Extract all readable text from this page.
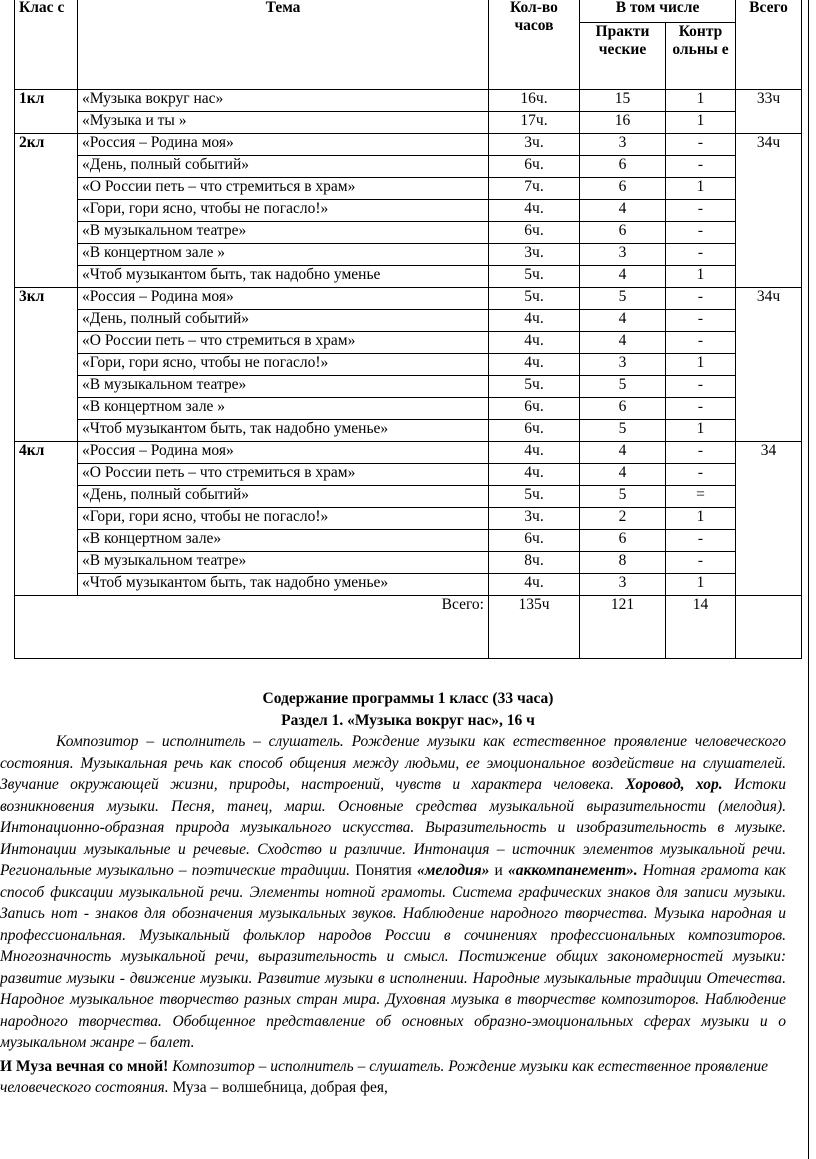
Клас с	Тема	Кол-во часов	В том числе		Всего
			Практи ческие	Контр ольны е	
1кл	«Музыка вокруг нас»	16ч.	15	1	33ч
	«Музыка и ты »	17ч.	16	1	
2кл	«Россия – Родина моя»	3ч.	3	-	34ч
	«День, полный событий»	6ч.	6	-	
	«О России петь – что стремиться в храм»	7ч.	6	1	
	«Гори, гори ясно, чтобы не погасло!»	4ч.	4	-	
	«В музыкальном театре»	6ч.	6	-	
	«В концертном зале »	3ч.	3	-	
	«Чтоб музыкантом быть, так надобно уменье	5ч.	4	1	
3кл	«Россия – Родина моя»	5ч.	5	-	34ч
	«День, полный событий»	4ч.	4	-	
	«О России петь – что стремиться в храм»	4ч.	4	-	
	«Гори, гори ясно, чтобы не погасло!»	4ч.	3	1	
	«В музыкальном театре»	5ч.	5	-	
	«В концертном зале »	6ч.	6	-	
	«Чтоб музыкантом быть, так надобно уменье»	6ч.	5	1	
4кл	«Россия – Родина моя»	4ч.	4	-	34
	«О России петь – что стремиться в храм»	4ч.	4	-	
	«День, полный событий»	5ч.	5	=	
	«Гори, гори ясно, чтобы не погасло!»	3ч.	2	1	
	«В концертном зале»	6ч.	6	-	
	«В музыкальном театре»	8ч.	8	-	
	«Чтоб музыкантом быть, так надобно уменье»	4ч.	3	1	
Всего:		135ч	121	14	

Содержание программы 1 класс (33 часа)

Раздел 1. «Музыка вокруг нас», 16 ч

Композитор – исполнитель – слушатель. Рождение музыки как естественное проявление человеческого состояния. Музыкальная речь как способ общения между людьми, ее эмоциональное воздействие на слушателей. Звучание окружающей жизни, природы, настроений, чувств и характера человека. Хоровод, хор. Истоки возникновения музыки. Песня, танец, марш. Основные средства музыкальной выразительности (мелодия). Интонационно-образная природа музыкального искусства. Выразительность и изобразительность в музыке. Интонации музыкальные и речевые. Сходство и различие. Интонация – источник элементов музыкальной речи. Региональные музыкально – поэтические традиции. Понятия «мелодия» и «аккомпанемент». Нотная грамота как способ фиксации музыкальной речи. Элементы нотной грамоты. Система графических знаков для записи музыки. Запись нот - знаков для обозначения музыкальных звуков. Наблюдение народного творчества. Музыка народная и профессиональная. Музыкальный фольклор народов России в сочинениях профессиональных композиторов. Многозначность музыкальной речи, выразительность и смысл. Постижение общих закономерностей музыки: развитие музыки - движение музыки. Развитие музыки в исполнении. Народные музыкальные традиции Отечества. Народное музыкальное творчество разных стран мира. Духовная музыка в творчестве композиторов. Наблюдение народного творчества. Обобщенное представление об основных образно-эмоциональных сферах музыки и о музыкальном жанре – балет.

И Муза вечная со мной! Композитор – исполнитель – слушатель. Рождение музыки как естественное проявление человеческого состояния. Муза – волшебница, добрая фея,
